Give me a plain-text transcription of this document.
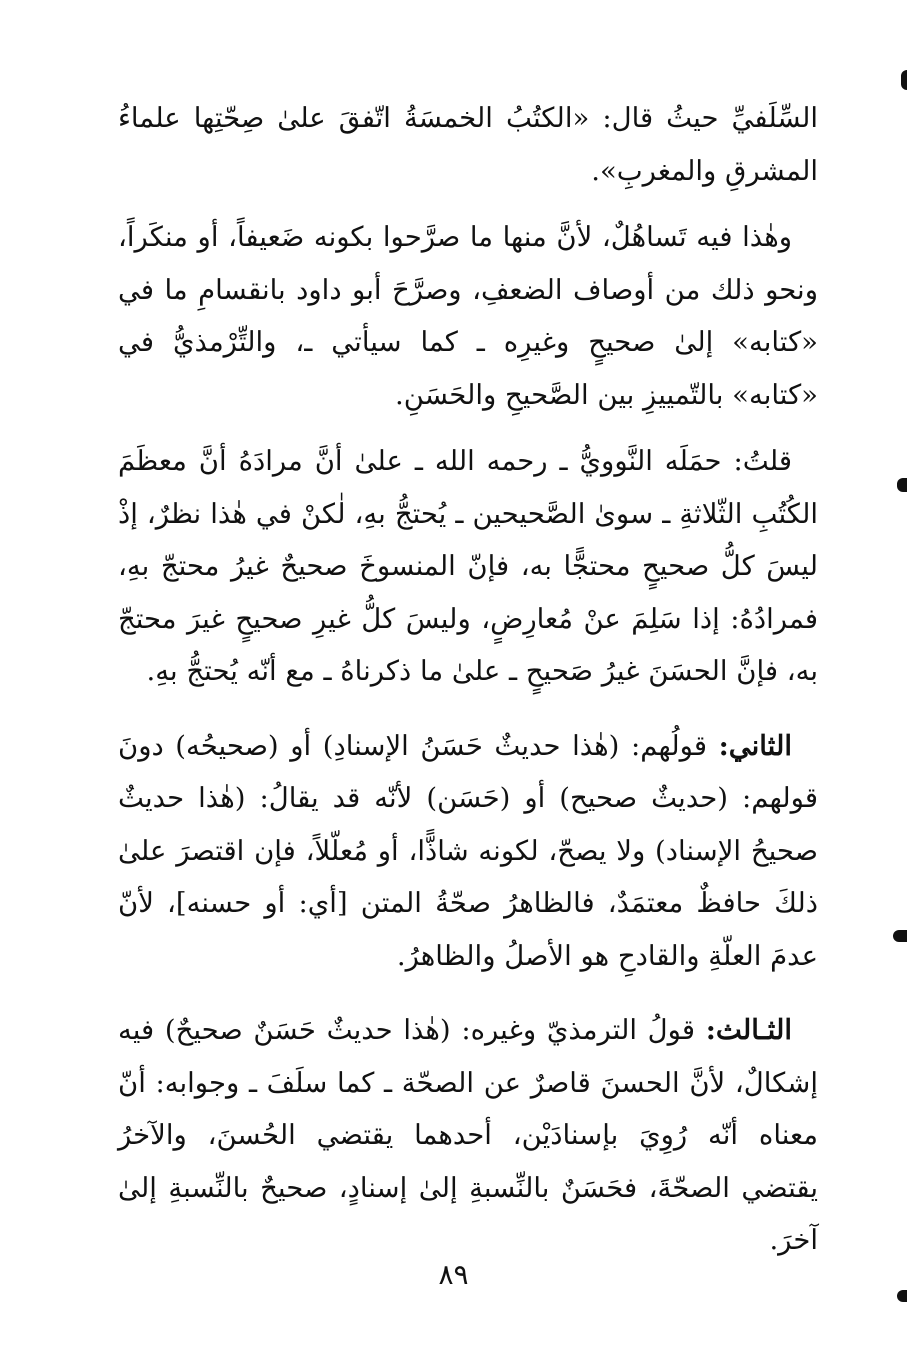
السِّلَفيِّ حيثُ قال: «الكتُبُ الخمسَةُ اتّفقَ علىٰ صِحّتِها علماءُ المشرقِ والمغربِ».

وهٰذا فيه تَساهُلٌ، لأنَّ منها ما صرَّحوا بكونه ضَعيفاً، أو منكَراً، ونحو ذلك من أوصاف الضعفِ، وصرَّحَ أبو داود بانقسامِ ما في «كتابه» إلىٰ صحيحٍ وغيرِه ـ كما سيأتي ـ، والتِّرْمذيُّ في «كتابه» بالتّمييزِ بين الصَّحيحِ والحَسَنِ.

قلتُ: حمَلَه النَّوويُّ ـ رحمه الله ـ علىٰ أنَّ مرادَهُ أنَّ معظَمَ الكُتُبِ الثّلاثةِ ـ سوىٰ الصَّحيحين ـ يُحتجُّ بهِ، لٰكنْ في هٰذا نظرٌ، إذْ ليسَ كلُّ صحيحٍ محتجًّا به، فإنّ المنسوخَ صحيحٌ غيرُ محتجّ بهِ، فمرادُهُ: إذا سَلِمَ عنْ مُعارِضٍ، وليسَ كلُّ غيرِ صحيحٍ غيرَ محتجّ به، فإنَّ الحسَنَ غيرُ صَحيحٍ ـ علىٰ ما ذكرناهُ ـ مع أنّه يُحتجُّ بهِ.

الثاني: قولُهم: (هٰذا حديثٌ حَسَنُ الإسنادِ) أو (صحيحُه) دونَ قولهم: (حديثٌ صحيح) أو (حَسَن) لأنّه قد يقالُ: (هٰذا حديثٌ صحيحُ الإسناد) ولا يصحّ، لكونه شاذًّا، أو مُعلّلاً، فإن اقتصرَ علىٰ ذلكَ حافظٌ معتمَدٌ، فالظاهرُ صحّةُ المتن [أي: أو حسنه]، لأنّ عدمَ العلّةِ والقادحِ هو الأصلُ والظاهرُ.

الثـالث: قولُ الترمذيّ وغيره: (هٰذا حديثٌ حَسَنٌ صحيحٌ) فيه إشكالٌ، لأنَّ الحسنَ قاصرٌ عن الصحّة ـ كما سلَفَ ـ وجوابه: أنّ معناه أنّه رُوِيَ بإسنادَيْن، أحدهما يقتضي الحُسنَ، والآخرُ يقتضي الصحّةَ، فحَسَنٌ بالنِّسبةِ إلىٰ إسنادٍ، صحيحٌ بالنِّسبةِ إلىٰ آخرَ.

٨٩
